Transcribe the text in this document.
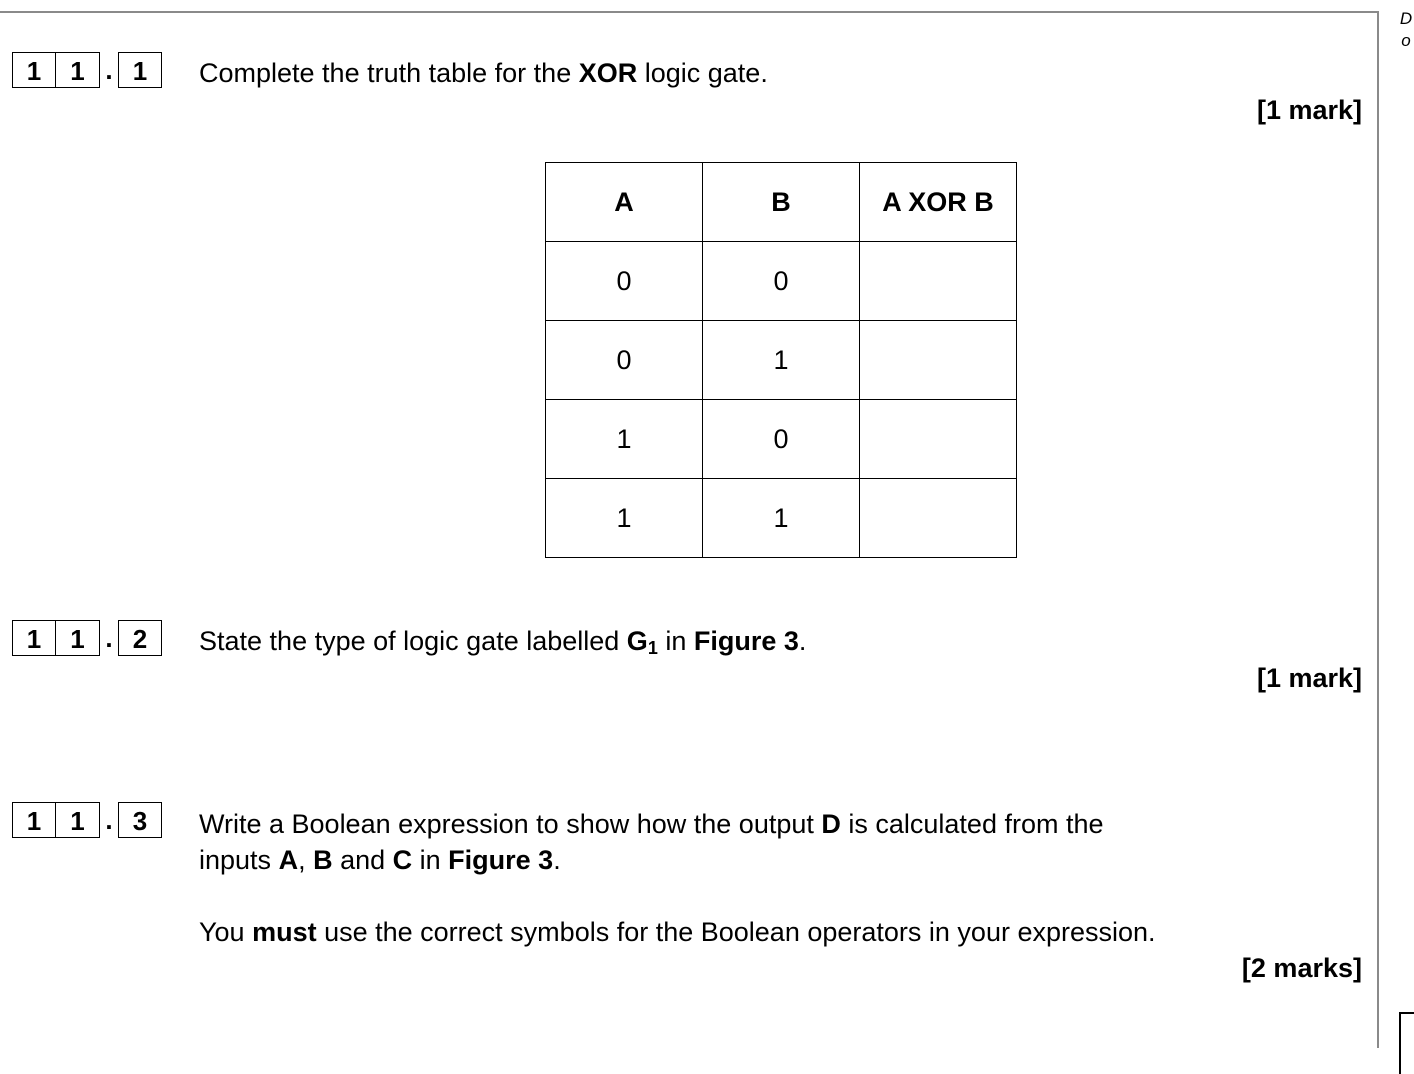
D
o
1	1 . 1	Complete the truth table for the XOR logic gate.
[1 mark]
A	B	A XOR B
0	0	
0	1	
1	0	
1	1	
1	1 . 2	State the type of logic gate labelled $G_1$ in Figure 3.
[1 mark]
1	1 . 3	Write a Boolean expression to show how the output D is calculated from the
inputs A, B and C in Figure 3.
You must use the correct symbols for the Boolean operators in your expression.
[2 marks]
